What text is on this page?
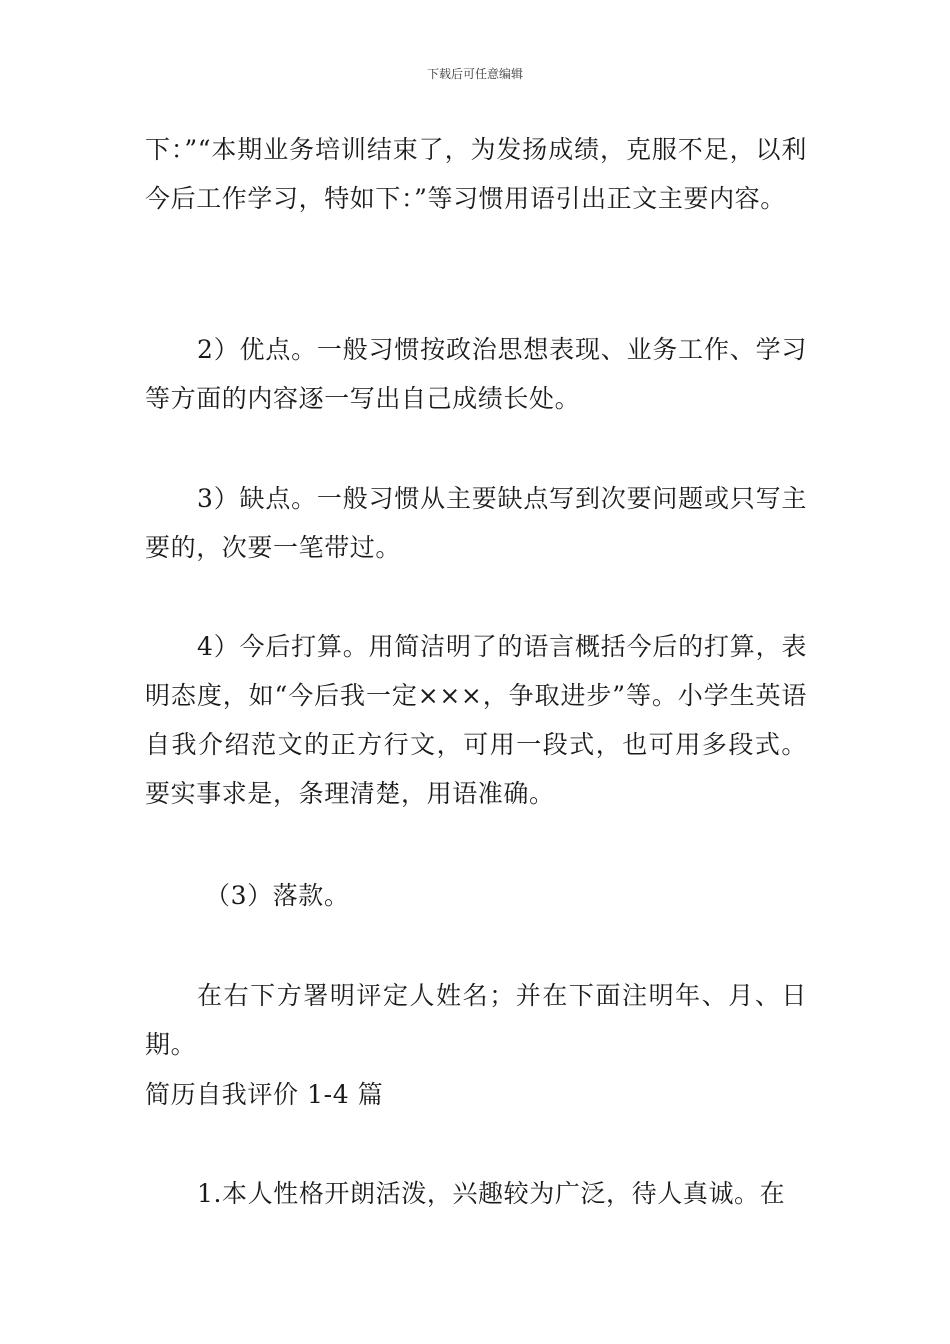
下载后可任意编辑

下：”“本期业务培训结束了，为发扬成绩，克服不足，以利今后工作学习，特如下：”等习惯用语引出正文主要内容。

2）优点。一般习惯按政治思想表现、业务工作、学习等方面的内容逐一写出自己成绩长处。

3）缺点。一般习惯从主要缺点写到次要问题或只写主要的，次要一笔带过。

4）今后打算。用简洁明了的语言概括今后的打算，表明态度，如“今后我一定×××，争取进步”等。小学生英语自我介绍范文的正方行文，可用一段式，也可用多段式。要实事求是，条理清楚，用语准确。

（3）落款。

在右下方署明评定人姓名；并在下面注明年、月、日期。

简历自我评价 1-4 篇

1.本人性格开朗活泼，兴趣较为广泛，待人真诚。在
